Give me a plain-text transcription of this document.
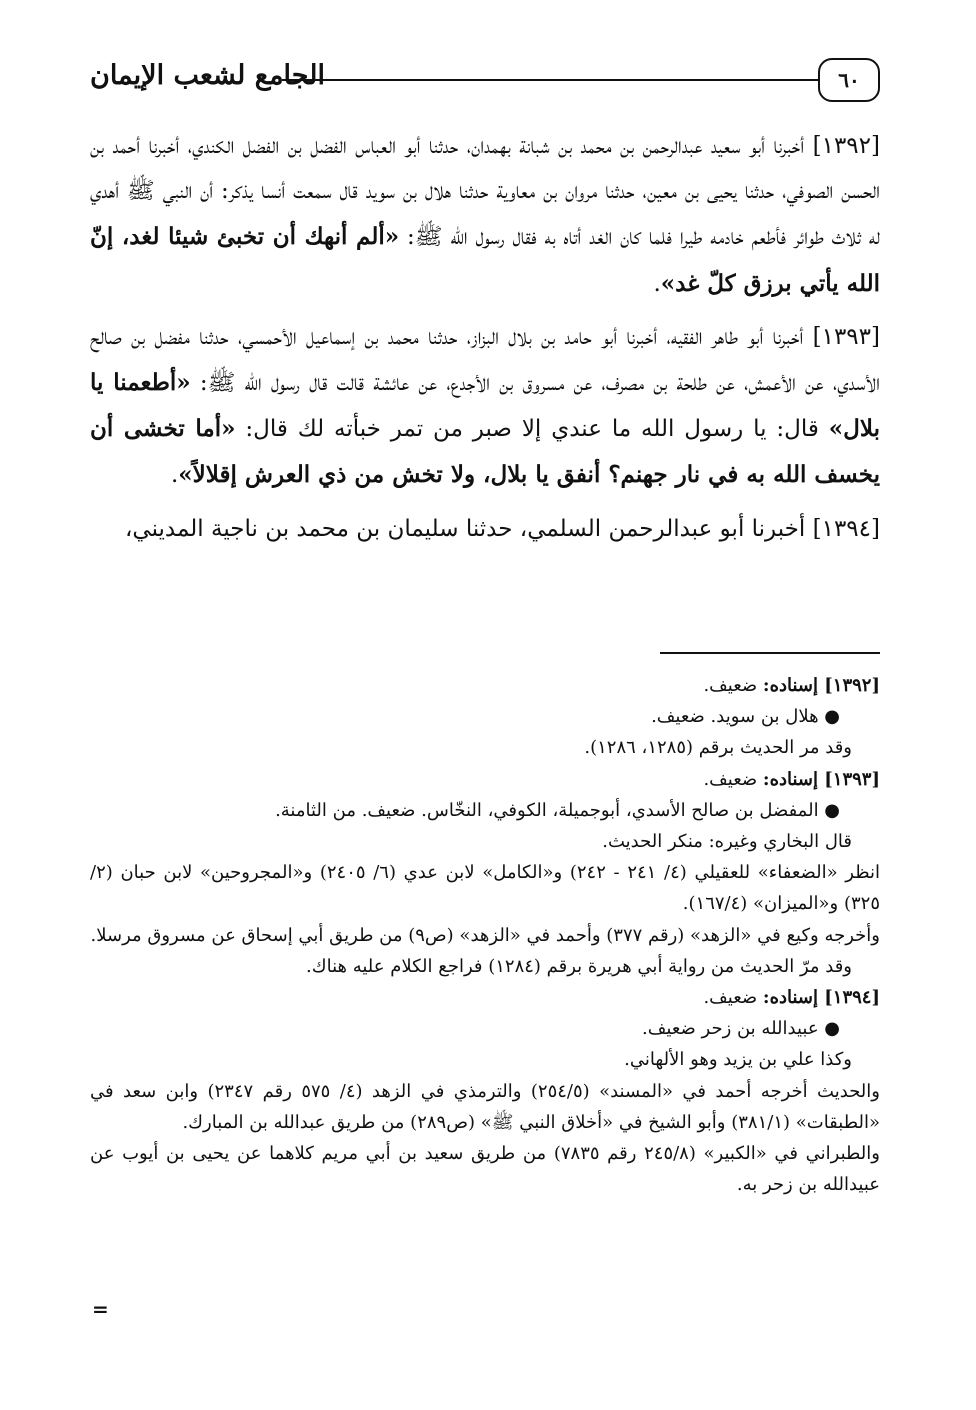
٦٠
الجامع لشعب الإيمان

[١٣٩٢] أخبرنا أبو سعيد عبدالرحمن بن محمد بن شبانة بهمدان، حدثنا أبو العباس الفضل بن الفضل الكندي، أخبرنا أحمد بن الحسن الصوفي، حدثنا يحيى بن معين، حدثنا مروان بن معاوية حدثنا هلال بن سويد قال سمعت أنسا يذكر: أن النبي ﷺ أهدي له ثلاث طوائر فأطعم خادمه طيرا فلما كان الغد أتاه به فقال رسول الله ﷺ: «ألم أنهك أن تخبئ شيئا لغد، إنّ الله يأتي برزق كلّ غد».

[١٣٩٣] أخبرنا أبو طاهر الفقيه، أخبرنا أبو حامد بن بلال البزاز، حدثنا محمد بن إسماعيل الأحمسي، حدثنا مفضل بن صالح الأسدي، عن الأعمش، عن طلحة بن مصرف، عن مسروق بن الأجدع، عن عائشة قالت قال رسول الله ﷺ: «أطعمنا يا بلال» قال: يا رسول الله ما عندي إلا صبر من تمر خبأته لك قال: «أما تخشى أن يخسف الله به في نار جهنم؟ أنفق يا بلال، ولا تخش من ذي العرش إقلالاً».

[١٣٩٤] أخبرنا أبو عبدالرحمن السلمي، حدثنا سليمان بن محمد بن ناجية المديني،

[١٣٩٢] إسناده: ضعيف.

● هلال بن سويد. ضعيف.

وقد مر الحديث برقم (١٢٨٥، ١٢٨٦).

[١٣٩٣] إسناده: ضعيف.

● المفضل بن صالح الأسدي، أبوجميلة، الكوفي، النخّاس. ضعيف. من الثامنة.

قال البخاري وغيره: منكر الحديث.

انظر «الضعفاء» للعقيلي (٤/ ٢٤١ - ٢٤٢) و«الكامل» لابن عدي (٦/ ٢٤٠٥) و«المجروحين» لابن حبان (٢/ ٣٢٥) و«الميزان» (١٦٧/٤).

وأخرجه وكيع في «الزهد» (رقم ٣٧٧) وأحمد في «الزهد» (ص٩) من طريق أبي إسحاق عن مسروق مرسلا.

وقد مرّ الحديث من رواية أبي هريرة برقم (١٢٨٤) فراجع الكلام عليه هناك.

[١٣٩٤] إسناده: ضعيف.

● عبيدالله بن زحر ضعيف.

وكذا علي بن يزيد وهو الألهاني.

والحديث أخرجه أحمد في «المسند» (٢٥٤/٥) والترمذي في الزهد (٤/ ٥٧٥ رقم ٢٣٤٧) وابن سعد في «الطبقات» (٣٨١/١) وأبو الشيخ في «أخلاق النبي ﷺ» (ص٢٨٩) من طريق عبدالله بن المبارك.

والطبراني في «الكبير» (٢٤٥/٨ رقم ٧٨٣٥) من طريق سعيد بن أبي مريم كلاهما عن يحيى بن أيوب عن عبيدالله بن زحر به.

=
